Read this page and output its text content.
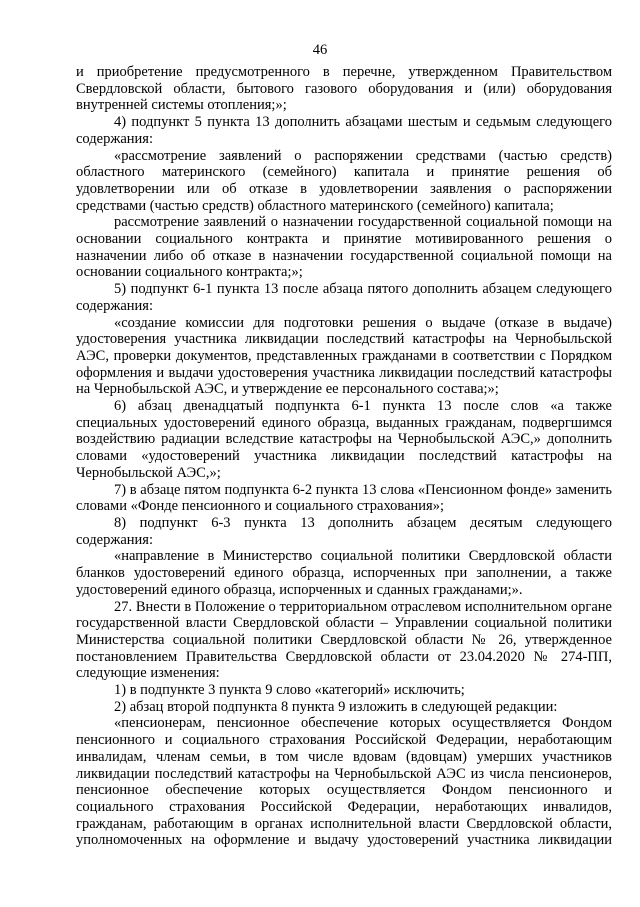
46

и приобретение предусмотренного в перечне, утвержденном Правительством Свердловской области, бытового газового оборудования и (или) оборудования внутренней системы отопления;»;

4) подпункт 5 пункта 13 дополнить абзацами шестым и седьмым следующего содержания:

«рассмотрение заявлений о распоряжении средствами (частью средств) областного материнского (семейного) капитала и принятие решения об удовлетворении или об отказе в удовлетворении заявления о распоряжении средствами (частью средств) областного материнского (семейного) капитала;

рассмотрение заявлений о назначении государственной социальной помощи на основании социального контракта и принятие мотивированного решения о назначении либо об отказе в назначении государственной социальной помощи на основании социального контракта;»;

5) подпункт 6-1 пункта 13 после абзаца пятого дополнить абзацем следующего содержания:

«создание комиссии для подготовки решения о выдаче (отказе в выдаче) удостоверения участника ликвидации последствий катастрофы на Чернобыльской АЭС, проверки документов, представленных гражданами в соответствии с Порядком оформления и выдачи удостоверения участника ликвидации последствий катастрофы на Чернобыльской АЭС, и утверждение ее персонального состава;»;

6) абзац двенадцатый подпункта 6-1 пункта 13 после слов «а также специальных удостоверений единого образца, выданных гражданам, подвергшимся воздействию радиации вследствие катастрофы на Чернобыльской АЭС,» дополнить словами «удостоверений участника ликвидации последствий катастрофы на Чернобыльской АЭС,»;

7) в абзаце пятом подпункта 6-2 пункта 13 слова «Пенсионном фонде» заменить словами «Фонде пенсионного и социального страхования»;

8) подпункт 6-3 пункта 13 дополнить абзацем десятым следующего содержания:

«направление в Министерство социальной политики Свердловской области бланков удостоверений единого образца, испорченных при заполнении, а также удостоверений единого образца, испорченных и сданных гражданами;».

27. Внести в Положение о территориальном отраслевом исполнительном органе государственной власти Свердловской области – Управлении социальной политики Министерства социальной политики Свердловской области № 26, утвержденное постановлением Правительства Свердловской области от 23.04.2020 № 274-ПП, следующие изменения:

1) в подпункте 3 пункта 9 слово «категорий» исключить;

2) абзац второй подпункта 8 пункта 9 изложить в следующей редакции:

«пенсионерам, пенсионное обеспечение которых осуществляется Фондом пенсионного и социального страхования Российской Федерации, неработающим инвалидам, членам семьи, в том числе вдовам (вдовцам) умерших участников ликвидации последствий катастрофы на Чернобыльской АЭС из числа пенсионеров, пенсионное обеспечение которых осуществляется Фондом пенсионного и социального страхования Российской Федерации, неработающих инвалидов, гражданам, работающим в органах исполнительной власти Свердловской области, уполномоченных на оформление и выдачу удостоверений участника ликвидации
